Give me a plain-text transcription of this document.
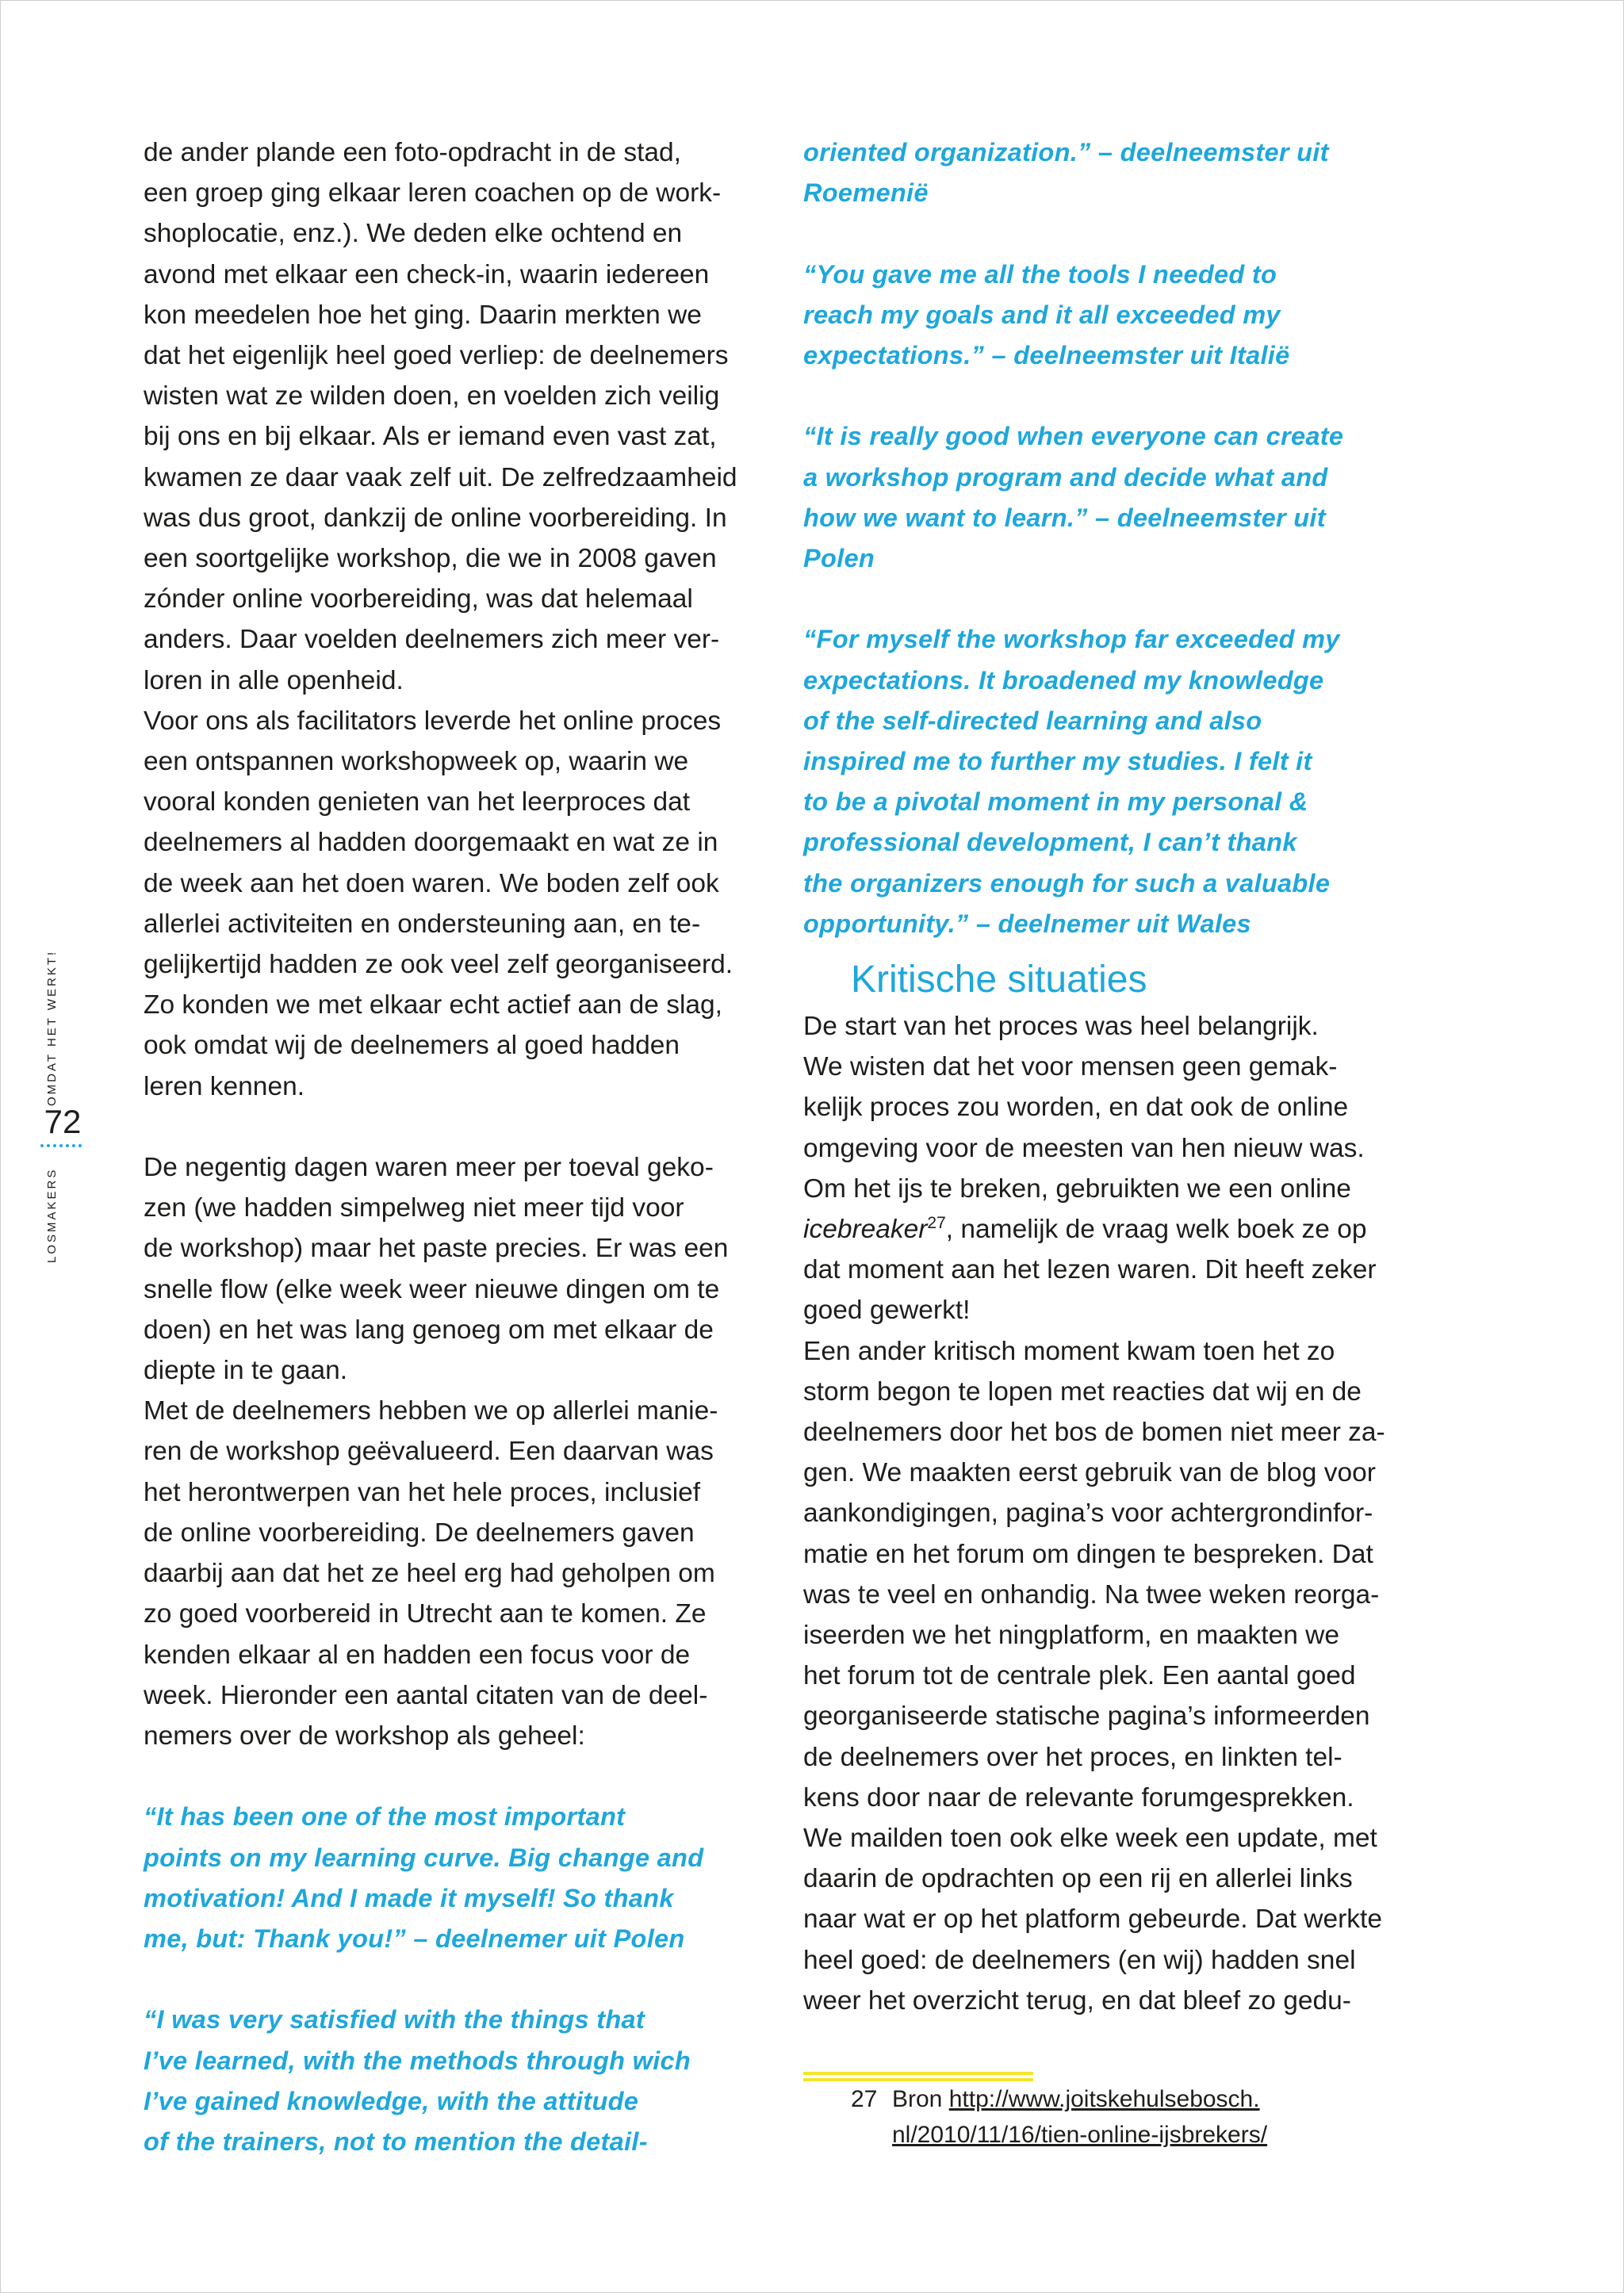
OMDAT HET WERKT!
72
LOSMAKERS

de ander plande een foto-opdracht in de stad,
een groep ging elkaar leren coachen op de work-
shoplocatie, enz.). We deden elke ochtend en
avond met elkaar een check-in, waarin iedereen
kon meedelen hoe het ging. Daarin merkten we
dat het eigenlijk heel goed verliep: de deelnemers
wisten wat ze wilden doen, en voelden zich veilig
bij ons en bij elkaar. Als er iemand even vast zat,
kwamen ze daar vaak zelf uit. De zelfredzaamheid
was dus groot, dankzij de online voorbereiding. In
een soortgelijke workshop, die we in 2008 gaven
zónder online voorbereiding, was dat helemaal
anders. Daar voelden deelnemers zich meer ver-
loren in alle openheid.

Voor ons als facilitators leverde het online proces
een ontspannen workshopweek op, waarin we
vooral konden genieten van het leerproces dat
deelnemers al hadden doorgemaakt en wat ze in
de week aan het doen waren. We boden zelf ook
allerlei activiteiten en ondersteuning aan, en te-
gelijkertijd hadden ze ook veel zelf georganiseerd.
Zo konden we met elkaar echt actief aan de slag,
ook omdat wij de deelnemers al goed hadden
leren kennen.

De negentig dagen waren meer per toeval geko-
zen (we hadden simpelweg niet meer tijd voor
de workshop) maar het paste precies. Er was een
snelle flow (elke week weer nieuwe dingen om te
doen) en het was lang genoeg om met elkaar de
diepte in te gaan.

Met de deelnemers hebben we op allerlei manie-
ren de workshop geëvalueerd. Een daarvan was
het herontwerpen van het hele proces, inclusief
de online voorbereiding. De deelnemers gaven
daarbij aan dat het ze heel erg had geholpen om
zo goed voorbereid in Utrecht aan te komen. Ze
kenden elkaar al en hadden een focus voor de
week. Hieronder een aantal citaten van de deel-
nemers over de workshop als geheel:

“It has been one of the most important
points on my learning curve. Big change and
motivation! And I made it myself! So thank
me, but: Thank you!” – deelnemer uit Polen

“I was very satisfied with the things that
I’ve learned, with the methods through wich
I’ve gained knowledge, with the attitude
of the trainers, not to mention the detail-

oriented organization.” – deelneemster uit
Roemenië

“You gave me all the tools I needed to
reach my goals and it all exceeded my
expectations.” – deelneemster uit Italië

“It is really good when everyone can create
a workshop program and decide what and
how we want to learn.” – deelneemster uit
Polen

“For myself the workshop far exceeded my
expectations. It broadened my knowledge
of the self-directed learning and also
inspired me to further my studies. I felt it
to be a pivotal moment in my personal &
professional development, I can’t thank
the organizers enough for such a valuable
opportunity.” – deelnemer uit Wales

Kritische situaties

De start van het proces was heel belangrijk.
We wisten dat het voor mensen geen gemak-
kelijk proces zou worden, en dat ook de online
omgeving voor de meesten van hen nieuw was.
Om het ijs te breken, gebruikten we een online
icebreaker$^{27}$, namelijk de vraag welk boek ze op
dat moment aan het lezen waren. Dit heeft zeker
goed gewerkt!

Een ander kritisch moment kwam toen het zo
storm begon te lopen met reacties dat wij en de
deelnemers door het bos de bomen niet meer za-
gen. We maakten eerst gebruik van de blog voor
aankondigingen, pagina’s voor achtergrondinfor-
matie en het forum om dingen te bespreken. Dat
was te veel en onhandig. Na twee weken reorga-
iseerden we het ningplatform, en maakten we
het forum tot de centrale plek. Een aantal goed
georganiseerde statische pagina’s informeerden
de deelnemers over het proces, en linkten tel-
kens door naar de relevante forumgesprekken.

We mailden toen ook elke week een update, met
daarin de opdrachten op een rij en allerlei links
naar wat er op het platform gebeurde. Dat werkte
heel goed: de deelnemers (en wij) hadden snel
weer het overzicht terug, en dat bleef zo gedu-

27 Bron http://www.joitskehulsebosch.
nl/2010/11/16/tien-online-ijsbrekers/
